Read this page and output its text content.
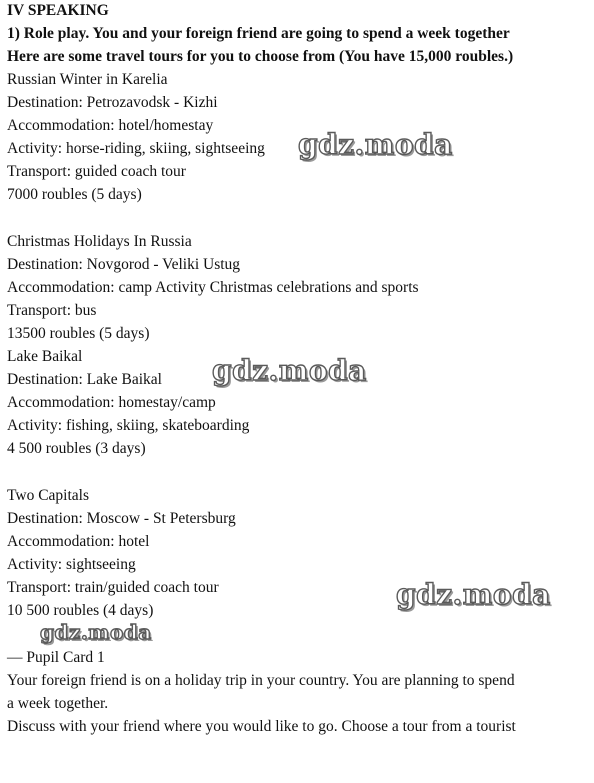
IV SPEAKING
1) Role play. You and your foreign friend are going to spend a week together
Here are some travel tours for you to choose from (You have 15,000 roubles.)
Russian Winter in Karelia
Destination: Petrozavodsk - Kizhi
Accommodation: hotel/homestay
Activity: horse-riding, skiing, sightseeing
Transport: guided coach tour
7000 roubles (5 days)
Christmas Holidays In Russia
Destination: Novgorod - Veliki Ustug
Accommodation: camp Activity Christmas celebrations and sports
Transport: bus
13500 roubles (5 days)
Lake Baikal
Destination: Lake Baikal
Accommodation: homestay/camp
Activity: fishing, skiing, skateboarding
4 500 roubles (3 days)
Two Capitals
Destination: Moscow - St Petersburg
Accommodation: hotel
Activity: sightseeing
Transport: train/guided coach tour
10 500 roubles (4 days)
— Pupil Card 1
Your foreign friend is on a holiday trip in your country. You are planning to spend
a week together.
Discuss with your friend where you would like to go. Choose a tour from a tourist
gdz.moda
gdz.moda
gdz.moda
gdz.moda
